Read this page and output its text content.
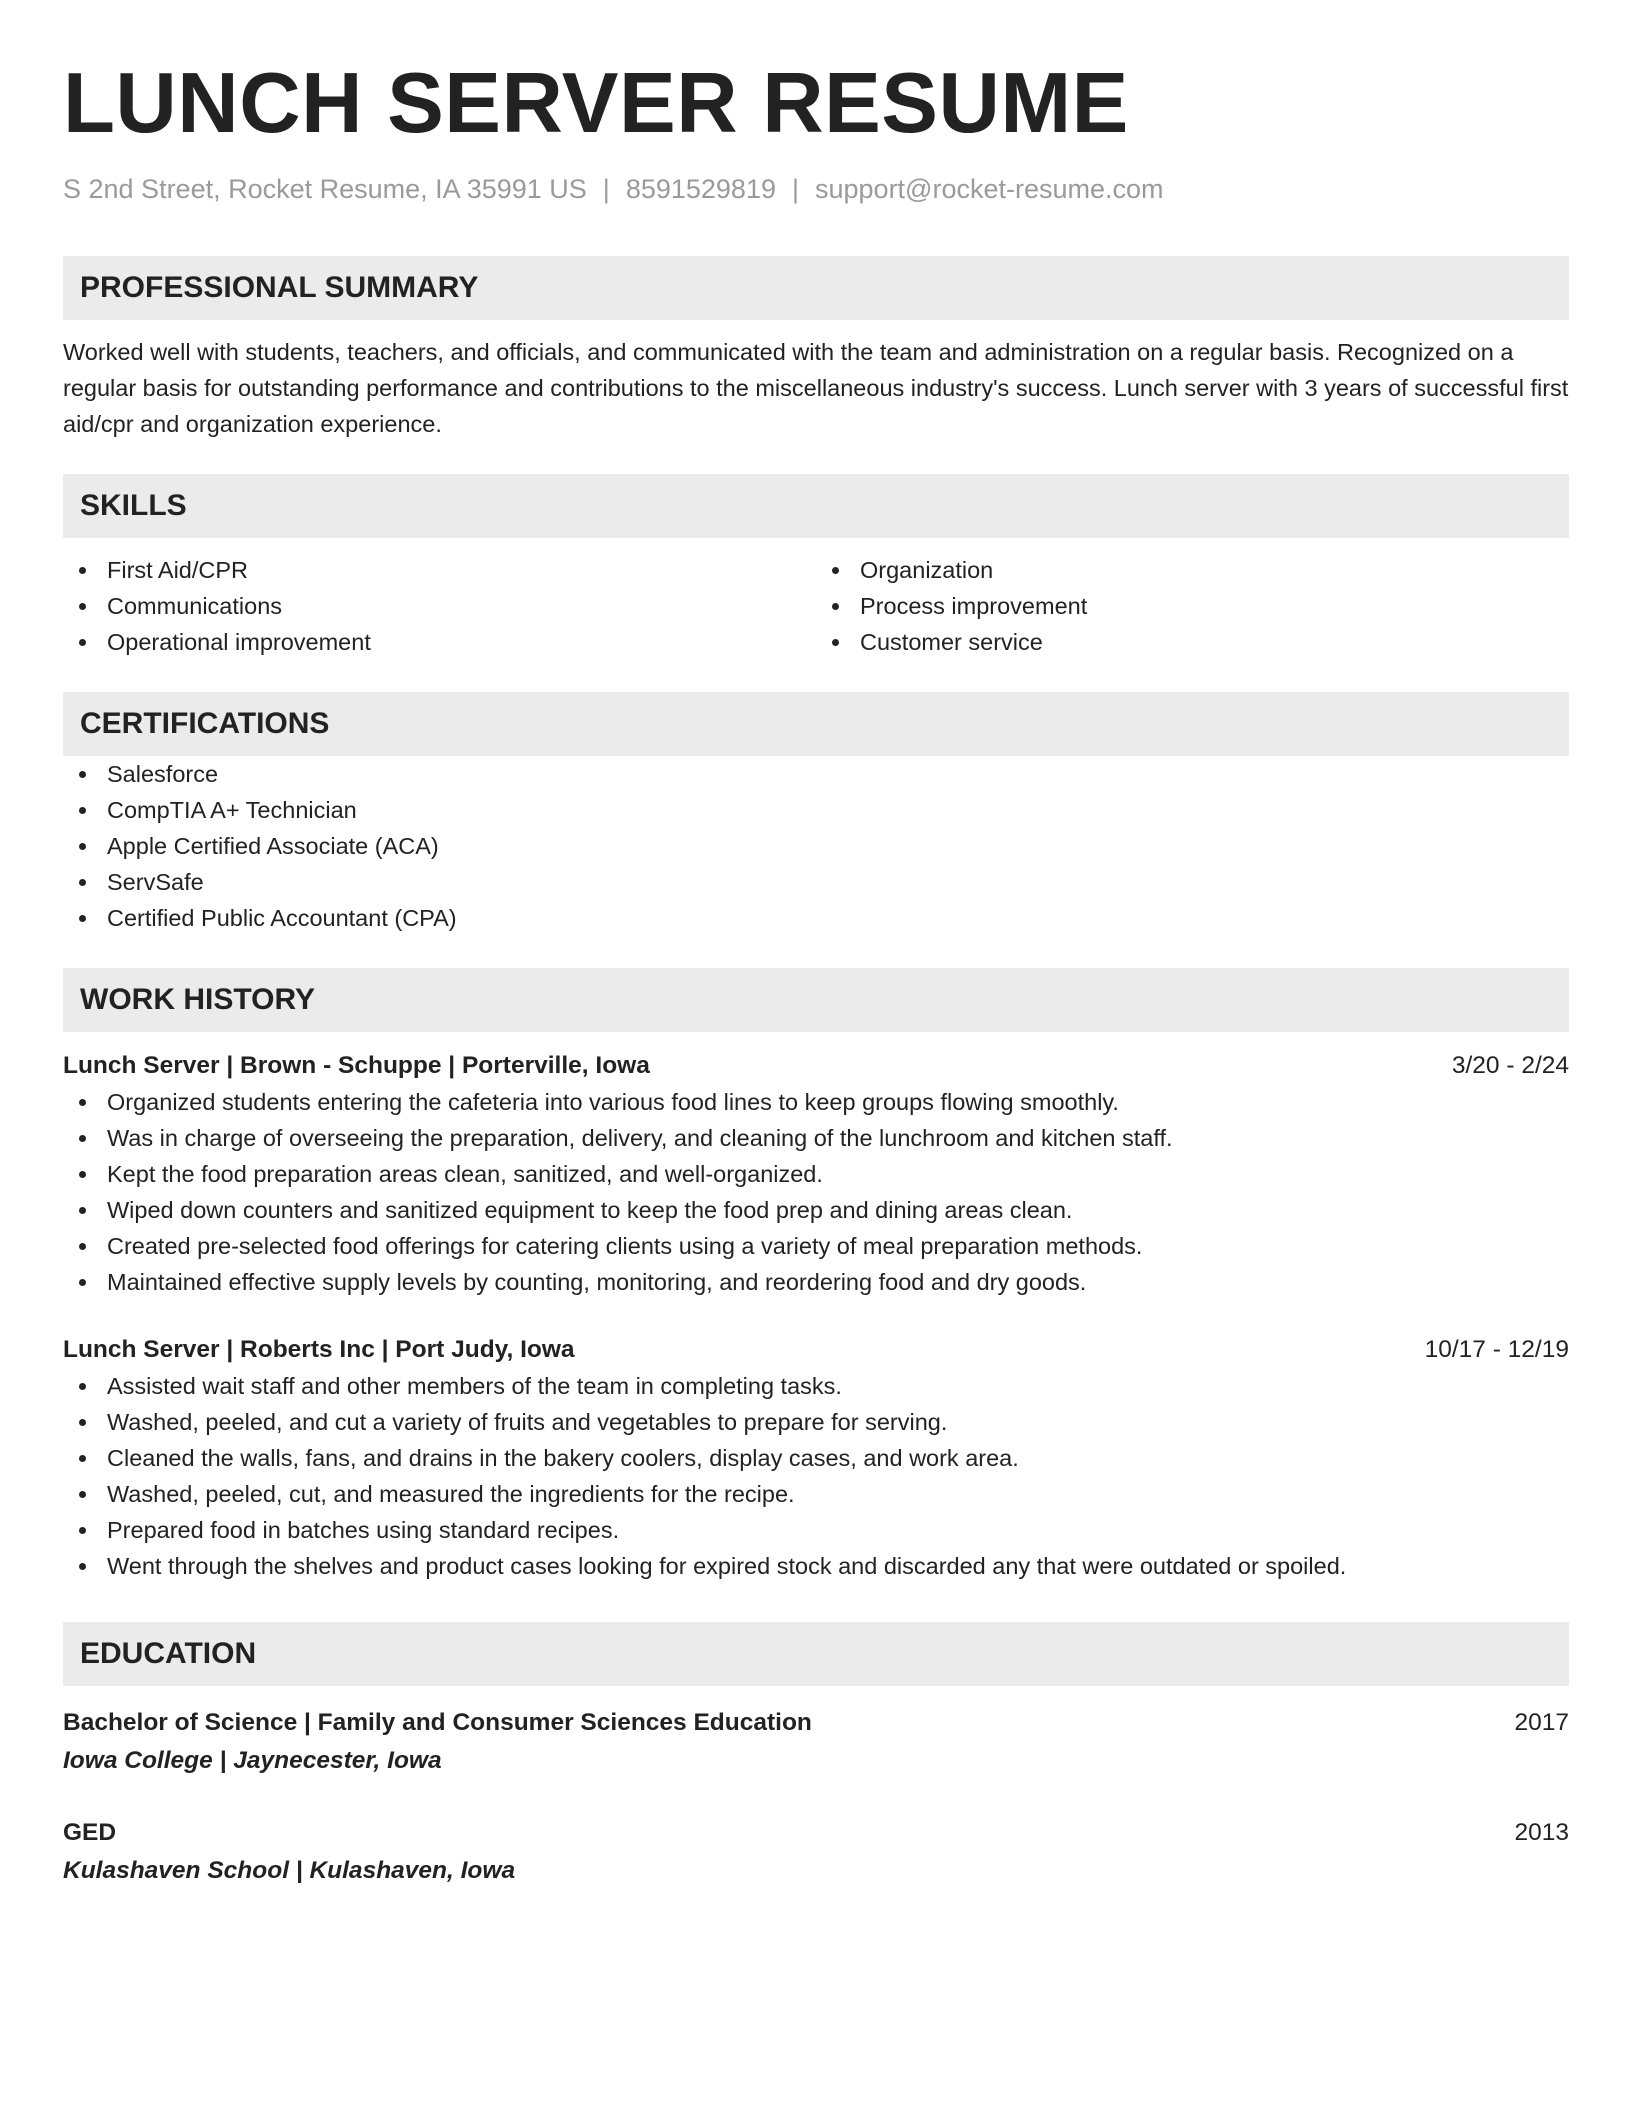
LUNCH SERVER RESUME
S 2nd Street, Rocket Resume, IA 35991 US | 8591529819 | support@rocket-resume.com
PROFESSIONAL SUMMARY
Worked well with students, teachers, and officials, and communicated with the team and administration on a regular basis. Recognized on a regular basis for outstanding performance and contributions to the miscellaneous industry's success. Lunch server with 3 years of successful first aid/cpr and organization experience.
SKILLS
First Aid/CPR
Communications
Operational improvement
Organization
Process improvement
Customer service
CERTIFICATIONS
Salesforce
CompTIA A+ Technician
Apple Certified Associate (ACA)
ServSafe
Certified Public Accountant (CPA)
WORK HISTORY
Lunch Server | Brown - Schuppe | Porterville, Iowa	3/20 - 2/24
Organized students entering the cafeteria into various food lines to keep groups flowing smoothly.
Was in charge of overseeing the preparation, delivery, and cleaning of the lunchroom and kitchen staff.
Kept the food preparation areas clean, sanitized, and well-organized.
Wiped down counters and sanitized equipment to keep the food prep and dining areas clean.
Created pre-selected food offerings for catering clients using a variety of meal preparation methods.
Maintained effective supply levels by counting, monitoring, and reordering food and dry goods.
Lunch Server | Roberts Inc | Port Judy, Iowa	10/17 - 12/19
Assisted wait staff and other members of the team in completing tasks.
Washed, peeled, and cut a variety of fruits and vegetables to prepare for serving.
Cleaned the walls, fans, and drains in the bakery coolers, display cases, and work area.
Washed, peeled, cut, and measured the ingredients for the recipe.
Prepared food in batches using standard recipes.
Went through the shelves and product cases looking for expired stock and discarded any that were outdated or spoiled.
EDUCATION
Bachelor of Science | Family and Consumer Sciences Education	2017
Iowa College | Jaynecester, Iowa
GED	2013
Kulashaven School | Kulashaven, Iowa
